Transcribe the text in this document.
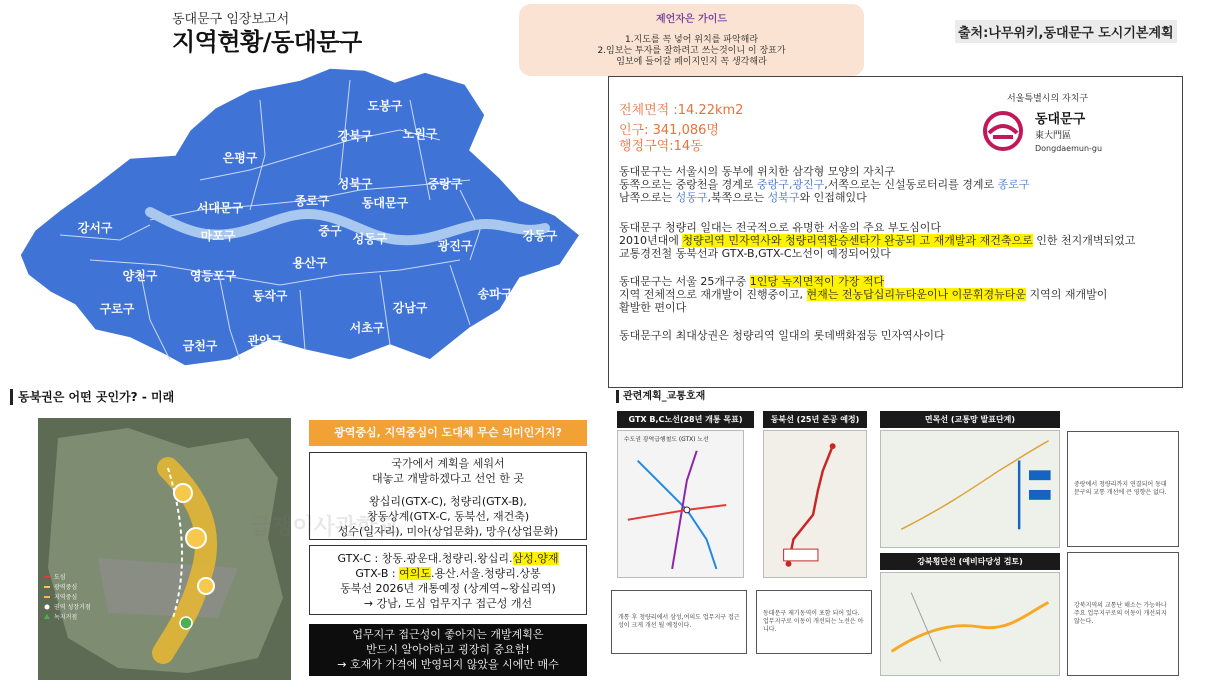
동대문구 임장보고서
지역현황/동대문구
제언자은 가이드
1.지도를 꼭 넣어 위치를 파악해라
2.임보는 투자를 잘하려고 쓰는것이니 이 장표가
임보에 들어갈 페이지인지 꼭 생각해라
출처:나무위키,동대문구 도시기본계획
도봉구
강북구	노원구
은평구
성북구	중랑구
종로구
서대문구	동대문구
강서구
마포구	중구
성동구	광진구
강동구
용산구
양천구	영등포구
구로구
동작구	송파구
강남구
서초구
금천구	관악구
전체면적 :14.22km2
인구: 341,086명
행정구역:14동
서울특별시의 자치구
동대문구
東大門區
Dongdaemun-gu
동대문구는 서울시의 동부에 위치한 삼각형 모양의 자치구
동쪽으로는 중랑천을 경계로 중랑구,광진구,서쪽으로는 신설동로터리를 경계로 종로구
남쪽으로는 성동구,북쪽으로는 성북구와 인접해있다
동대문구 청량리 일대는 전국적으로 유명한 서울의 주요 부도심이다
2010년대에 청량리역 민자역사와 청량리역환승센타가 완공되 고 재개발과 재건축으로 인한 천지개벽되었고
교통경전철 동북선과 GTX-B,GTX-C노선이 예정되어있다
동대문구는 서울 25개구중 1인당 녹지면적이 가장 적다
지역 전체적으로 재개발이 진행중이고, 현재는 전농답십리뉴타운이나 이문휘경뉴타운 지역의 재개발이
활발한 편이다
동대문구의 최대상권은 청량리역 일대의 롯데백화점등 민자역사이다
동북권은 어떤 곳인가? - 미래
도심
광역중심
지역중심
권역 성장거점
녹지거점
급쟁이사관학교
광역중심, 지역중심이 도대체 무슨 의미인거지?
국가에서 계획을 세워서
대놓고 개발하겠다고 선언 한 곳
왕십리(GTX-C), 청량리(GTX-B),
창동상계(GTX-C, 동북선, 재건축)
성수(일자리), 미아(상업문화), 망우(상업문화)
GTX-C : 창동.광운대.청량리.왕십리.삼성.양재
GTX-B : 여의도.용산.서울.청량리.상봉
동북선 2026년 개통예정 (상계역~왕십리역)
→ 강남, 도심 업무지구 접근성 개선
업무지구 접근성이 좋아지는 개발계획은
반드시 알아야하고 굉장히 중요함!
→ 호재가 가격에 반영되지 않았을 시에만 매수
관련계획_교통호재
GTX B,C노선(28년 개통 목표)	동북선 (25년 준공 예정)	면목선 (교통망 발표단계)
강북횡단선 (예비타당성 검토)
수도권 광역급행철도 (GTX) 노선
중랑에서 청량리까지 연결되어 동대문구의 교통 개선에 큰 영향은 없다.
강북지역의 교통난 해소는 가능하나 주요 업무지구로의 이동이 개선되지 않는다.
개통 후 청량리에서 삼성,여의도 업무지구 접근성이 크게 개선 될 예정이다.
동대문구 제기동역이 포함 되어 있다. 업무지구로 이동이 개선되는 노선은 아니다.
